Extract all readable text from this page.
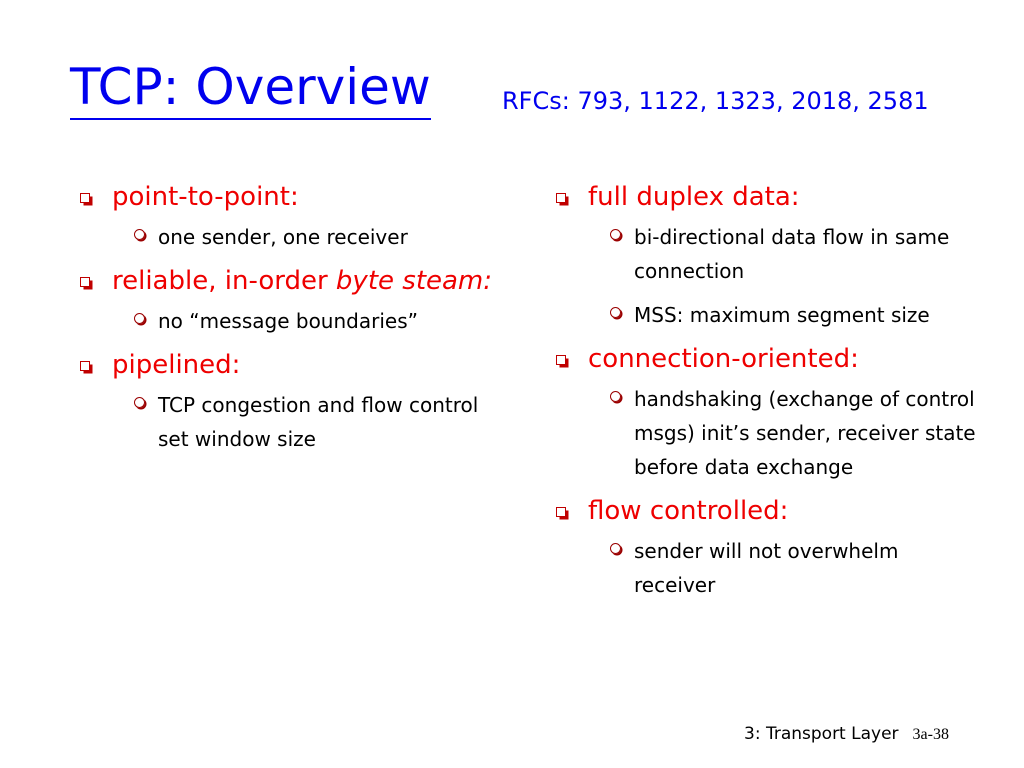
TCP: Overview	RFCs: 793, 1122, 1323, 2018, 2581
point-to-point:
one sender, one receiver
reliable, in-order byte steam:
no “message boundaries”
pipelined:
TCP congestion and flow control set window size
full duplex data:
bi-directional data flow in same connection
MSS: maximum segment size
connection-oriented:
handshaking (exchange of control msgs) init’s sender, receiver state before data exchange
flow controlled:
sender will not overwhelm receiver
3: Transport Layer 3a-38
